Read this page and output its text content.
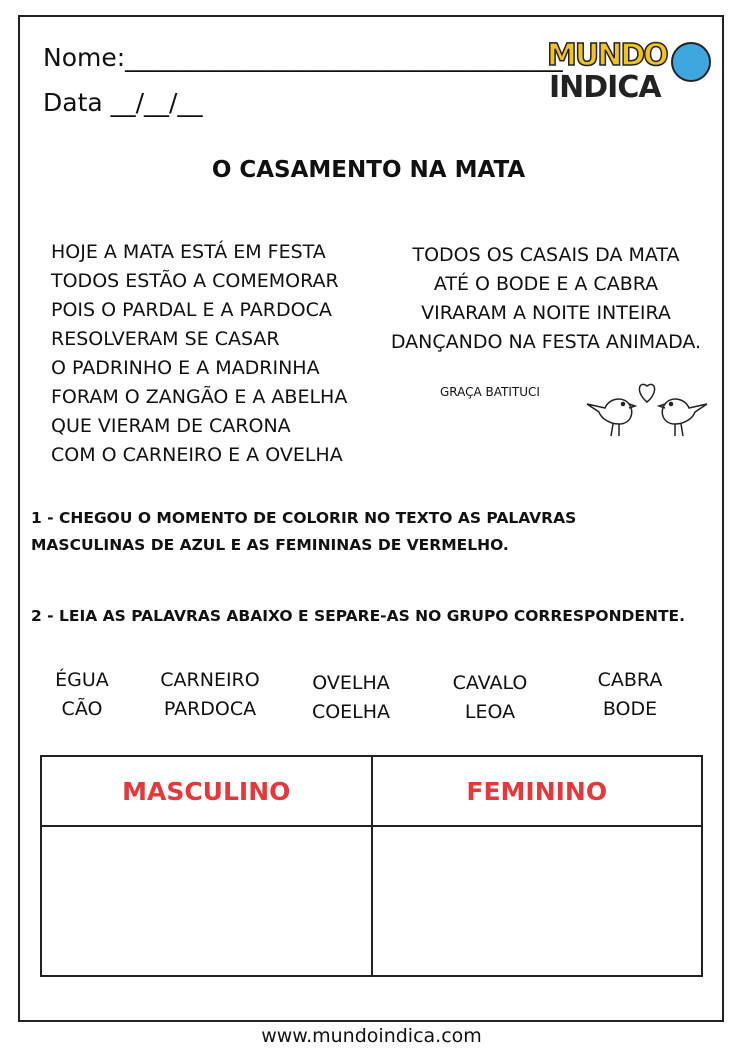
Nome:___________________________________
Data __/__/__
MUNDO
INDICA
O CASAMENTO NA MATA
HOJE A MATA ESTÁ EM FESTA
TODOS ESTÃO A COMEMORAR
POIS O PARDAL E A PARDOCA
RESOLVERAM SE CASAR
O PADRINHO E A MADRINHA
FORAM O ZANGÃO E A ABELHA
QUE VIERAM DE CARONA
COM O CARNEIRO E A OVELHA
TODOS OS CASAIS DA MATA
ATÉ O BODE E A CABRA
VIRARAM A NOITE INTEIRA
DANÇANDO NA FESTA ANIMADA.
GRAÇA BATITUCI
1 - CHEGOU O MOMENTO DE COLORIR NO TEXTO AS PALAVRAS
MASCULINAS DE AZUL E AS FEMININAS DE VERMELHO.
2 - LEIA AS PALAVRAS ABAIXO E SEPARE-AS NO GRUPO CORRESPONDENTE.
ÉGUA
CÃO
CARNEIRO
PARDOCA
OVELHA
COELHA
CAVALO
LEOA
CABRA
BODE
MASCULINO	FEMININO

www.mundoindica.com
